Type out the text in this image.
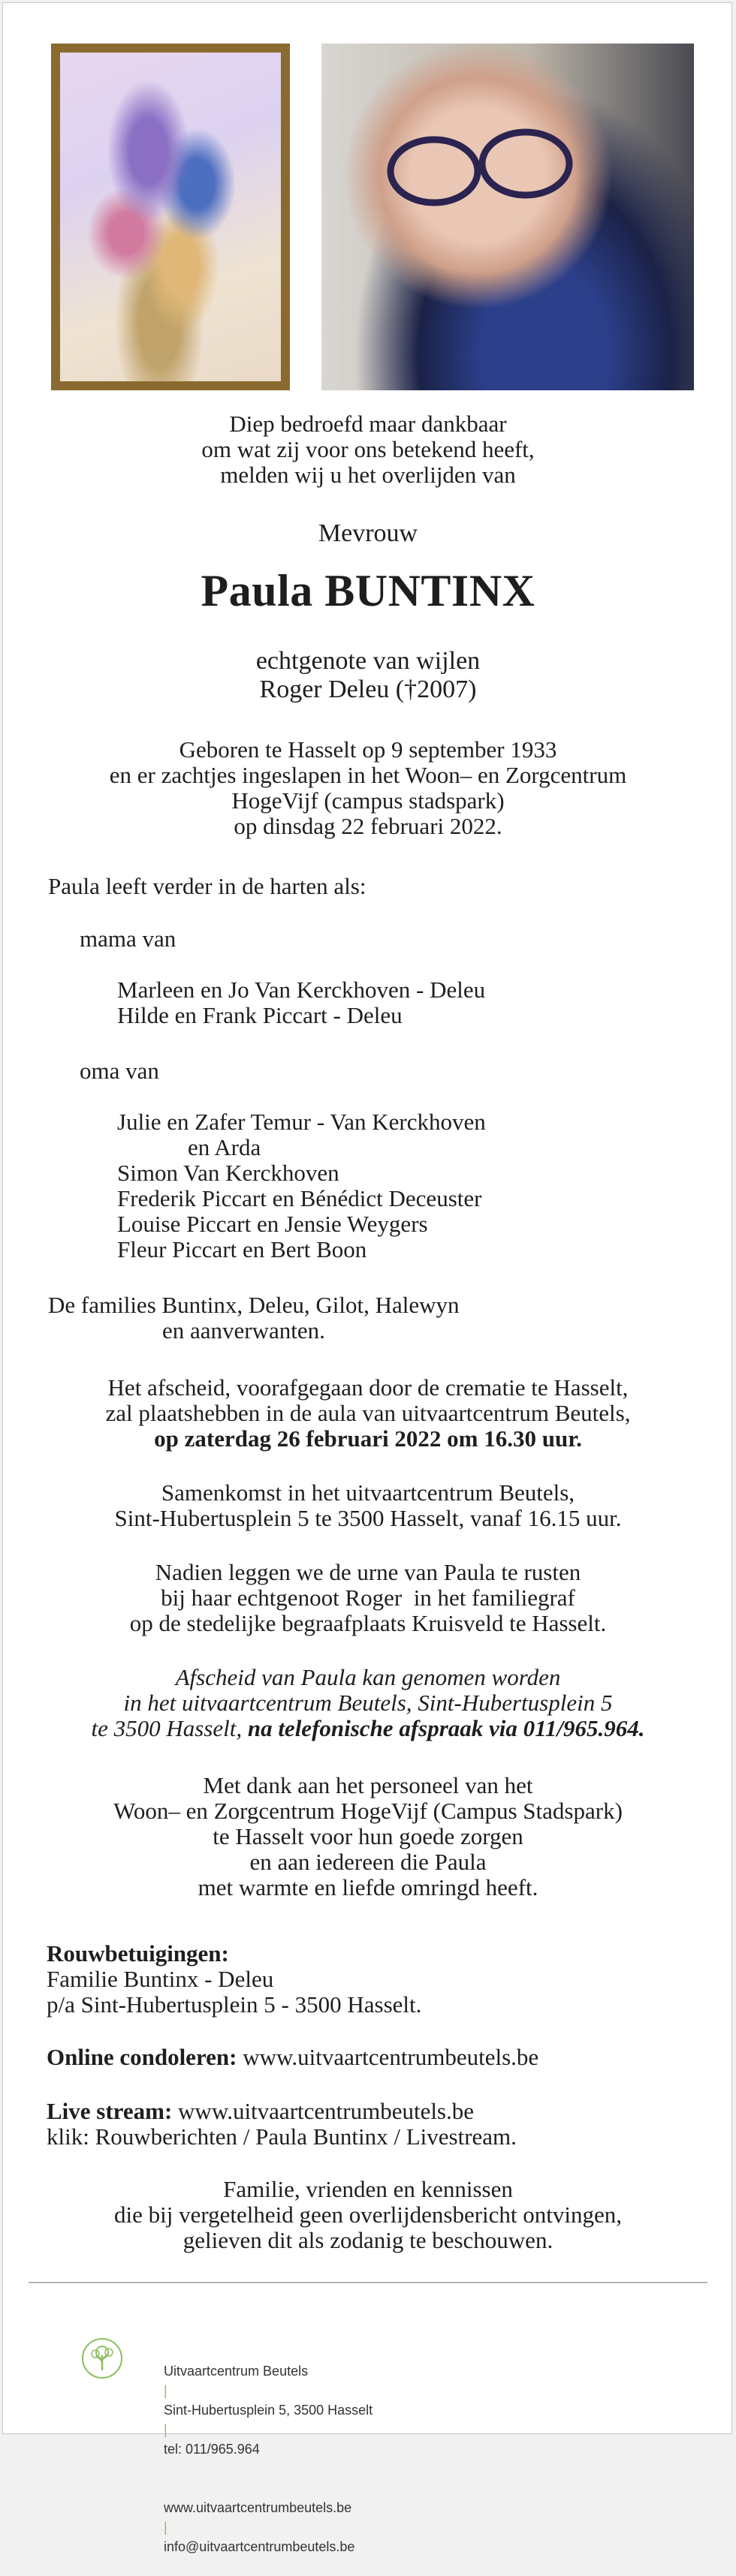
Diep bedroefd maar dankbaar
om wat zij voor ons betekend heeft,
melden wij u het overlijden van
Mevrouw
Paula BUNTINX
echtgenote van wijlen
Roger Deleu (†2007)
Geboren te Hasselt op 9 september 1933
en er zachtjes ingeslapen in het Woon– en Zorgcentrum
HogeVijf (campus stadspark)
op dinsdag 22 februari 2022.
Paula leeft verder in de harten als:
mama van
Marleen en Jo Van Kerckhoven - Deleu
Hilde en Frank Piccart - Deleu
oma van
Julie en Zafer Temur - Van Kerckhoven
en Arda
Simon Van Kerckhoven
Frederik Piccart en Bénédict Deceuster
Louise Piccart en Jensie Weygers
Fleur Piccart en Bert Boon
De families Buntinx, Deleu, Gilot, Halewyn
en aanverwanten.
Het afscheid, voorafgegaan door de crematie te Hasselt,
zal plaatshebben in de aula van uitvaartcentrum Beutels,
op zaterdag 26 februari 2022 om 16.30 uur.
Samenkomst in het uitvaartcentrum Beutels,
Sint-Hubertusplein 5 te 3500 Hasselt, vanaf 16.15 uur.
Nadien leggen we de urne van Paula te rusten
bij haar echtgenoot Roger  in het familiegraf
op de stedelijke begraafplaats Kruisveld te Hasselt.
Afscheid van Paula kan genomen worden
in het uitvaartcentrum Beutels, Sint-Hubertusplein 5
te 3500 Hasselt, na telefonische afspraak via 011/965.964.
Met dank aan het personeel van het
Woon– en Zorgcentrum HogeVijf (Campus Stadspark)
te Hasselt voor hun goede zorgen
en aan iedereen die Paula
met warmte en liefde omringd heeft.
Rouwbetuigingen:
Familie Buntinx - Deleu
p/a Sint-Hubertusplein 5 - 3500 Hasselt.
Online condoleren: www.uitvaartcentrumbeutels.be
Live stream: www.uitvaartcentrumbeutels.be
klik: Rouwberichten / Paula Buntinx / Livestream.
Familie, vrienden en kennissen
die bij vergetelheid geen overlijdensbericht ontvingen,
gelieven dit als zodanig te beschouwen.

Uitvaartcentrum Beutels
|
Sint-Hubertusplein 5, 3500 Hasselt
|
tel: 011/965.964

www.uitvaartcentrumbeutels.be
|
info@uitvaartcentrumbeutels.be
